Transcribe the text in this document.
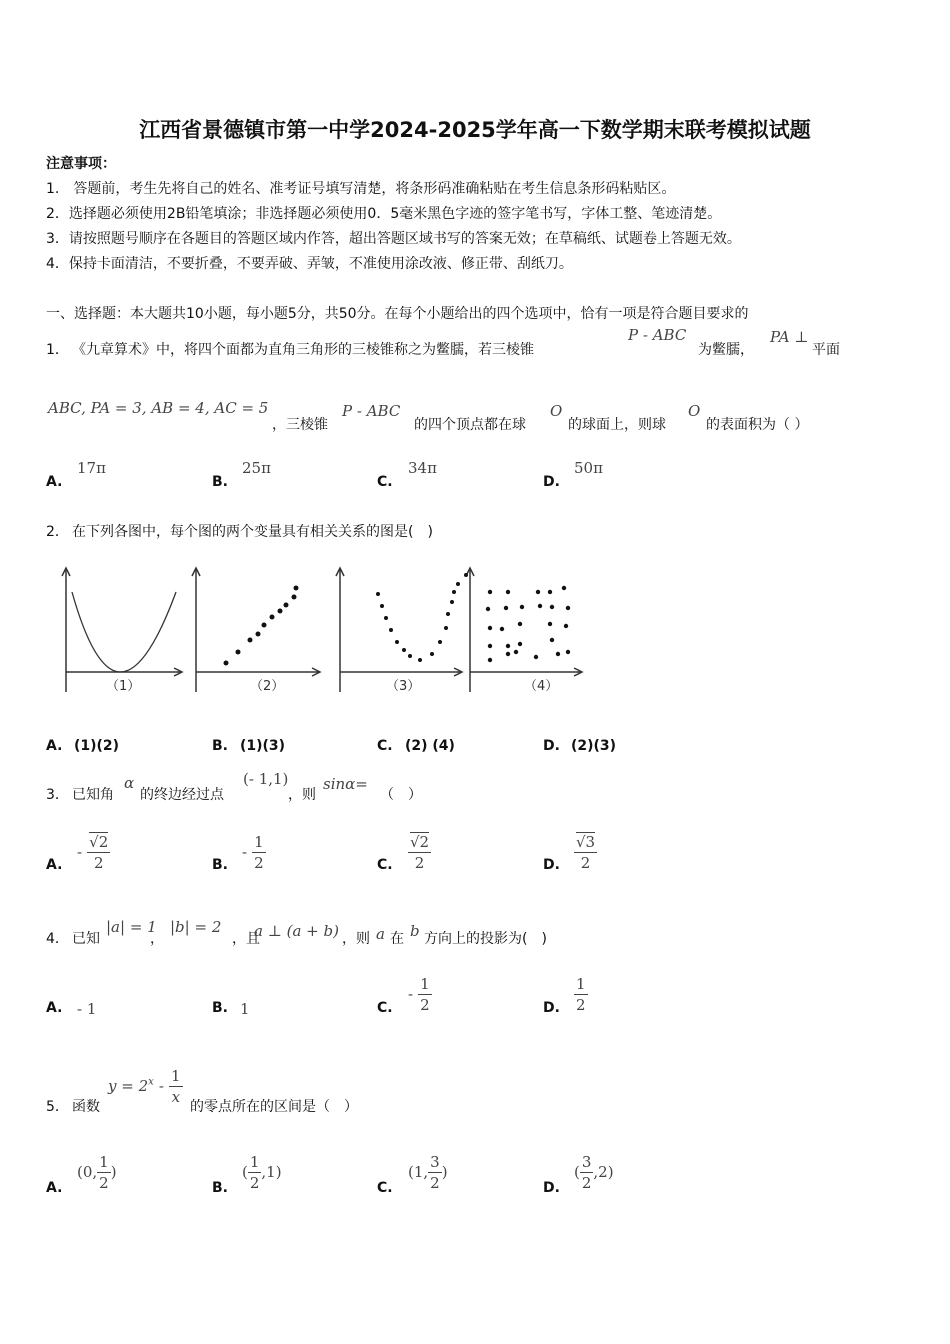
江西省景德镇市第一中学2024-2025学年高一下数学期末联考模拟试题
注意事项：
1.　答题前，考生先将自己的姓名、准考证号填写清楚，将条形码准确粘贴在考生信息条形码粘贴区。
2．选择题必须使用2B铅笔填涂；非选择题必须使用0．5毫米黑色字迹的签字笔书写，字体工整、笔迹清楚。
3．请按照题号顺序在各题目的答题区域内作答，超出答题区域书写的答案无效；在草稿纸、试题卷上答题无效。
4．保持卡面清洁，不要折叠，不要弄破、弄皱，不准使用涂改液、修正带、刮纸刀。
一、选择题：本大题共10小题，每小题5分，共50分。在每个小题给出的四个选项中，恰有一项是符合题目要求的
1． 《九章算术》中，将四个面都为直角三角形的三棱锥称之为鳖臑，若三棱锥
P - ABC
为鳖臑，
PA ⊥
平面
ABC, PA = 3, AB = 4, AC = 5
，三棱锥
P - ABC
的四个顶点都在球
O
的球面上，则球
O
的表面积为（ ）
A.
17π
B.
25π
C.
34π
D.
50π
2． 在下列各图中，每个图的两个变量具有相关关系的图是(　)
（1）	（2）	（3）	（4）
A. (1)(2)	B. (1)(3)	C. (2) (4)	D. (2)(3)
3． 已知角
α
的终边经过点
(- 1,1)
，则
sinα=
（　）
A.
- $\frac{√2}{2}$	B.
- $\frac{1}{2}$	C. $\frac{√2}{2}$	D. $\frac{√3}{2}$
4． 已知
|a| = 1
，
|b| = 2
，且
a ⊥ (a + b) ，则 a 在 b 方向上的投影为(　)
A. - 1	B. 1	C.
- $\frac{1}{2}$	D. $\frac{1}{2}$
5． 函数
$y = 2^x - \frac{1}{x}$ 的零点所在的区间是（　）
A.
(0, $\frac{1}{2}$ )
B.
( $\frac{1}{2} ,1$)
C.
(1, $\frac{3}{2}$ )
D.
( $\frac{3}{2} ,2$)
